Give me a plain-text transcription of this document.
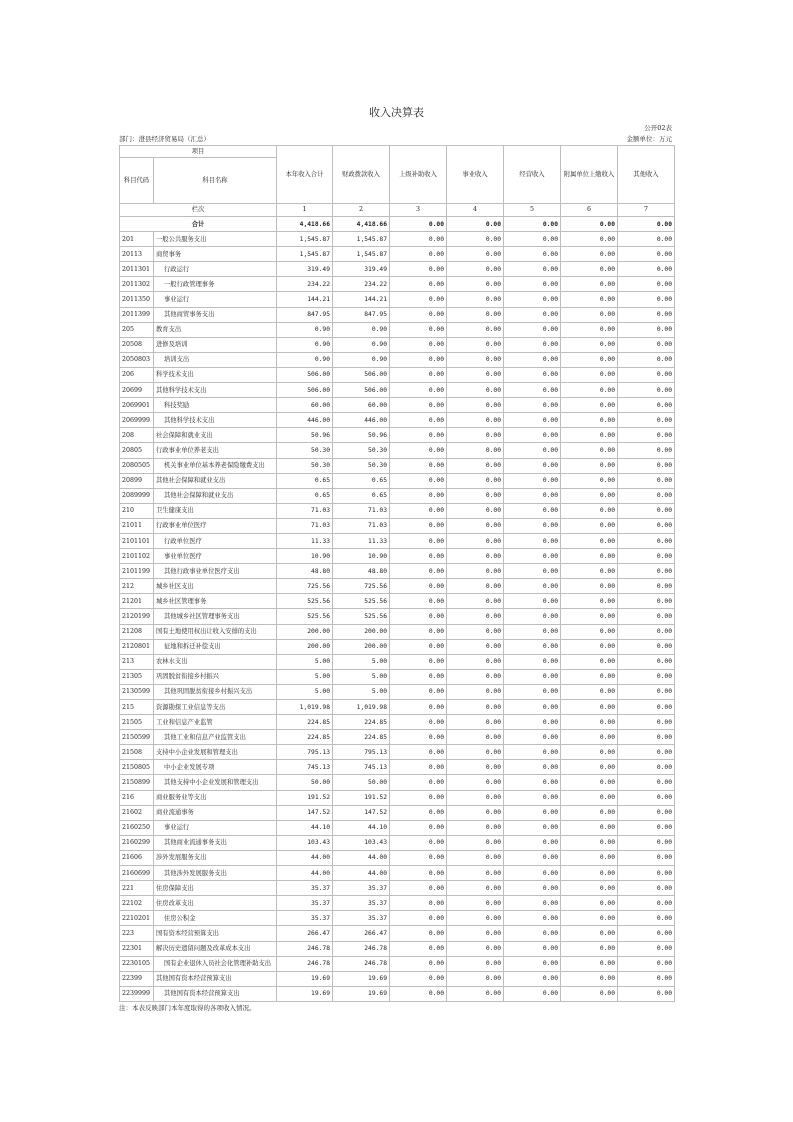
收入决算表
公开02表
部门：澄县经济贸易局（汇总）	金额单位：万元
项目		本年收入合计	财政拨款收入	上级补助收入	事业收入	经营收入	附属单位上缴收入	其他收入
科目代码	科目名称							

栏次		1	2	3	4	5	6	7
合计		4,418.66	4,418.66	0.00	0.00	0.00	0.00	0.00
201	一般公共服务支出	1,545.87	1,545.87	0.00	0.00	0.00	0.00	0.00
20113	商贸事务	1,545.87	1,545.87	0.00	0.00	0.00	0.00	0.00
2011301	行政运行	319.49	319.49	0.00	0.00	0.00	0.00	0.00
2011302	一般行政管理事务	234.22	234.22	0.00	0.00	0.00	0.00	0.00
2011350	事业运行	144.21	144.21	0.00	0.00	0.00	0.00	0.00
2011399	其他商贸事务支出	847.95	847.95	0.00	0.00	0.00	0.00	0.00
205	教育支出	0.90	0.90	0.00	0.00	0.00	0.00	0.00
20508	进修及培训	0.90	0.90	0.00	0.00	0.00	0.00	0.00
2050803	培训支出	0.90	0.90	0.00	0.00	0.00	0.00	0.00
206	科学技术支出	506.00	506.00	0.00	0.00	0.00	0.00	0.00
20699	其他科学技术支出	506.00	506.00	0.00	0.00	0.00	0.00	0.00
2069901	科技奖励	60.00	60.00	0.00	0.00	0.00	0.00	0.00
2069999	其他科学技术支出	446.00	446.00	0.00	0.00	0.00	0.00	0.00
208	社会保障和就业支出	50.96	50.96	0.00	0.00	0.00	0.00	0.00
20805	行政事业单位养老支出	50.30	50.30	0.00	0.00	0.00	0.00	0.00
2080505	机关事业单位基本养老保险缴费支出	50.30	50.30	0.00	0.00	0.00	0.00	0.00
20899	其他社会保障和就业支出	0.65	0.65	0.00	0.00	0.00	0.00	0.00
2089999	其他社会保障和就业支出	0.65	0.65	0.00	0.00	0.00	0.00	0.00
210	卫生健康支出	71.03	71.03	0.00	0.00	0.00	0.00	0.00
21011	行政事业单位医疗	71.03	71.03	0.00	0.00	0.00	0.00	0.00
2101101	行政单位医疗	11.33	11.33	0.00	0.00	0.00	0.00	0.00
2101102	事业单位医疗	10.90	10.90	0.00	0.00	0.00	0.00	0.00
2101199	其他行政事业单位医疗支出	48.80	48.80	0.00	0.00	0.00	0.00	0.00
212	城乡社区支出	725.56	725.56	0.00	0.00	0.00	0.00	0.00
21201	城乡社区管理事务	525.56	525.56	0.00	0.00	0.00	0.00	0.00
2120199	其他城乡社区管理事务支出	525.56	525.56	0.00	0.00	0.00	0.00	0.00
21208	国有土地使用权出让收入安排的支出	200.00	200.00	0.00	0.00	0.00	0.00	0.00
2120801	征地和拆迁补偿支出	200.00	200.00	0.00	0.00	0.00	0.00	0.00
213	农林水支出	5.00	5.00	0.00	0.00	0.00	0.00	0.00
21305	巩固脱贫衔接乡村振兴	5.00	5.00	0.00	0.00	0.00	0.00	0.00
2130599	其他巩固脱贫衔接乡村振兴支出	5.00	5.00	0.00	0.00	0.00	0.00	0.00
215	资源勘探工业信息等支出	1,019.98	1,019.98	0.00	0.00	0.00	0.00	0.00
21505	工业和信息产业监管	224.85	224.85	0.00	0.00	0.00	0.00	0.00
2150599	其他工业和信息产业监管支出	224.85	224.85	0.00	0.00	0.00	0.00	0.00
21508	支持中小企业发展和管理支出	795.13	795.13	0.00	0.00	0.00	0.00	0.00
2150805	中小企业发展专项	745.13	745.13	0.00	0.00	0.00	0.00	0.00
2150899	其他支持中小企业发展和管理支出	50.00	50.00	0.00	0.00	0.00	0.00	0.00
216	商业服务业等支出	191.52	191.52	0.00	0.00	0.00	0.00	0.00
21602	商业流通事务	147.52	147.52	0.00	0.00	0.00	0.00	0.00
2160250	事业运行	44.10	44.10	0.00	0.00	0.00	0.00	0.00
2160299	其他商业流通事务支出	103.43	103.43	0.00	0.00	0.00	0.00	0.00
21606	涉外发展服务支出	44.00	44.00	0.00	0.00	0.00	0.00	0.00
2160699	其他涉外发展服务支出	44.00	44.00	0.00	0.00	0.00	0.00	0.00
221	住房保障支出	35.37	35.37	0.00	0.00	0.00	0.00	0.00
22102	住房改革支出	35.37	35.37	0.00	0.00	0.00	0.00	0.00
2210201	住房公积金	35.37	35.37	0.00	0.00	0.00	0.00	0.00
223	国有资本经营预算支出	266.47	266.47	0.00	0.00	0.00	0.00	0.00
22301	解决历史遗留问题及改革成本支出	246.78	246.78	0.00	0.00	0.00	0.00	0.00
2230105	国有企业退休人员社会化管理补助支出	246.78	246.78	0.00	0.00	0.00	0.00	0.00
22399	其他国有资本经营预算支出	19.69	19.69	0.00	0.00	0.00	0.00	0.00
2239999	其他国有资本经营预算支出	19.69	19.69	0.00	0.00	0.00	0.00	0.00
注：本表反映部门本年度取得的各项收入情况。
